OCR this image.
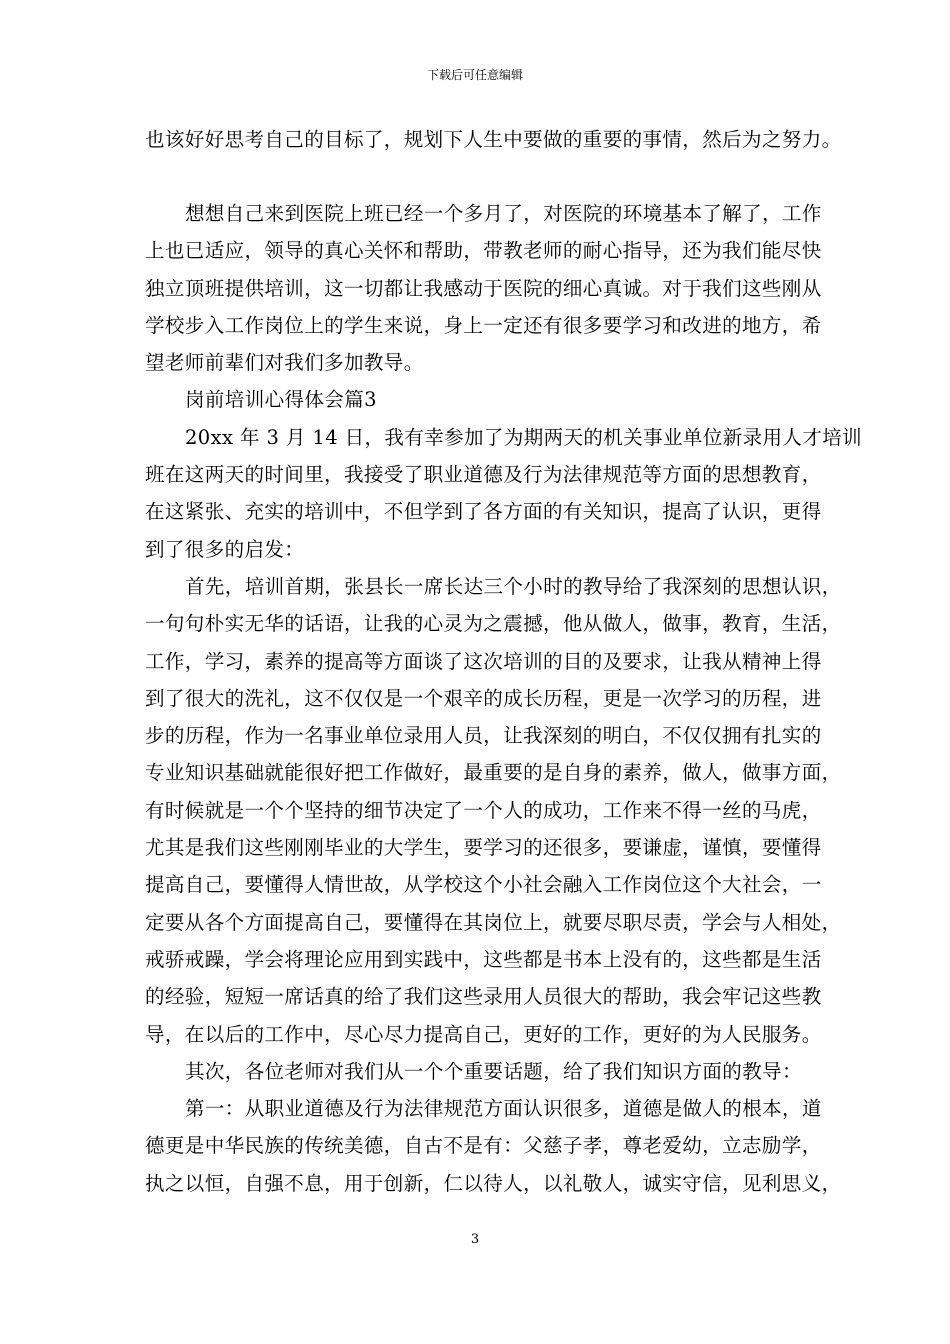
下载后可任意编辑

也该好好思考自己的目标了，规划下人生中要做的重要的事情，然后为之努力。

想想自己来到医院上班已经一个多月了，对医院的环境基本了解了，工作

上也已适应，领导的真心关怀和帮助，带教老师的耐心指导，还为我们能尽快

独立顶班提供培训，这一切都让我感动于医院的细心真诚。对于我们这些刚从

学校步入工作岗位上的学生来说，身上一定还有很多要学习和改进的地方，希

望老师前辈们对我们多加教导。

岗前培训心得体会篇3

20xx 年 3 月 14 日，我有幸参加了为期两天的机关事业单位新录用人才培训

班在这两天的时间里，我接受了职业道德及行为法律规范等方面的思想教育，

在这紧张、充实的培训中，不但学到了各方面的有关知识，提高了认识，更得

到了很多的启发：

首先，培训首期，张县长一席长达三个小时的教导给了我深刻的思想认识，

一句句朴实无华的话语，让我的心灵为之震撼，他从做人，做事，教育，生活，

工作，学习，素养的提高等方面谈了这次培训的目的及要求，让我从精神上得

到了很大的洗礼，这不仅仅是一个艰辛的成长历程，更是一次学习的历程，进

步的历程，作为一名事业单位录用人员，让我深刻的明白，不仅仅拥有扎实的

专业知识基础就能很好把工作做好，最重要的是自身的素养，做人，做事方面，

有时候就是一个个坚持的细节决定了一个人的成功，工作来不得一丝的马虎，

尤其是我们这些刚刚毕业的大学生，要学习的还很多，要谦虚，谨慎，要懂得

提高自己，要懂得人情世故，从学校这个小社会融入工作岗位这个大社会，一

定要从各个方面提高自己，要懂得在其岗位上，就要尽职尽责，学会与人相处，

戒骄戒躁，学会将理论应用到实践中，这些都是书本上没有的，这些都是生活

的经验，短短一席话真的给了我们这些录用人员很大的帮助，我会牢记这些教

导，在以后的工作中，尽心尽力提高自己，更好的工作，更好的为人民服务。

其次，各位老师对我们从一个个重要话题，给了我们知识方面的教导：

第一：从职业道德及行为法律规范方面认识很多，道德是做人的根本，道

德更是中华民族的传统美德，自古不是有：父慈子孝，尊老爱幼，立志励学，

执之以恒，自强不息，用于创新，仁以待人，以礼敬人，诚实守信，见利思义，

3
